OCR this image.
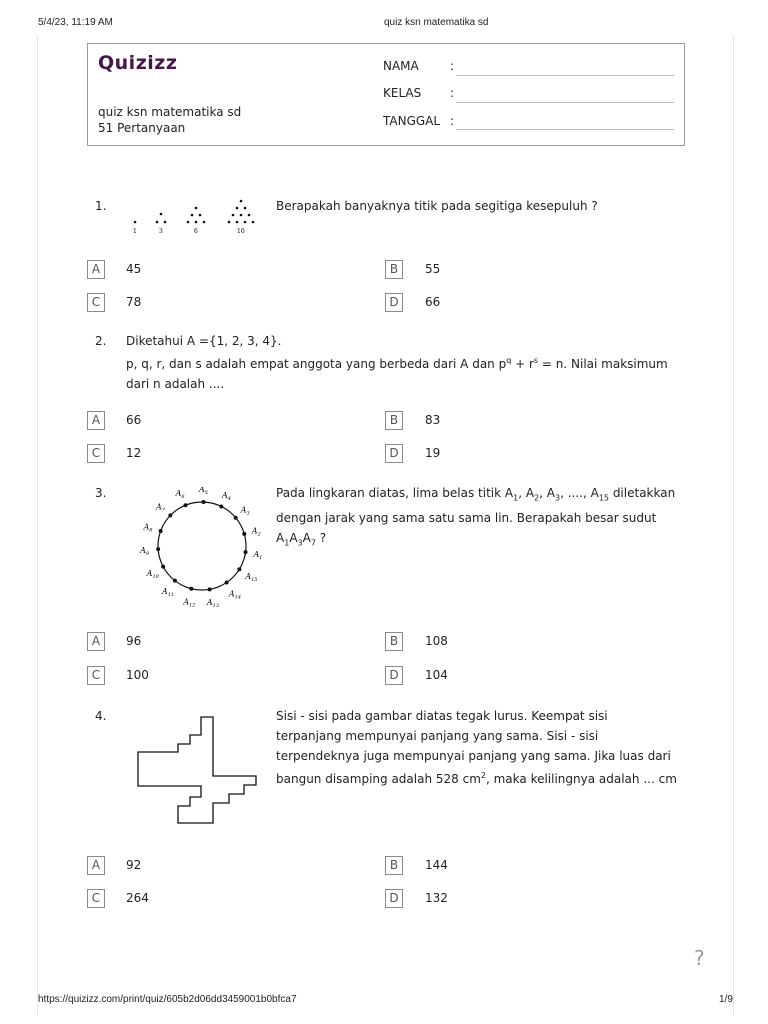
5/4/23, 11:19 AM	quiz ksn matematika sd
https://quizizz.com/print/quiz/605b2d06dd3459001b0bfca7	1/9
Quizizz
quiz ksn matematika sd
51 Pertanyaan
NAMA	:
KELAS :
TANGGAL :
1.
1	3	6	10
Berapakah banyaknya titik pada segitiga kesepuluh ?
A	45	B	55
C	78	D	66
2. Diketahui A ={1, 2, 3, 4}.
p, q, r, dan s adalah empat anggota yang berbeda dari A dan $p^q + r^s = n$. Nilai maksimum
dari n adalah ....
A	66	B	83
C	12	D	19
3.
$A_1$
$A_2$
$A_3$
$A_4$
$A_5$
$A_6$
$A_7$
$A_8$
$A_9$
$A_{10}$
$A_{11}$
$A_{12}$ $A_{13}$
$A_{14}$
$A_{15}$
Pada lingkaran diatas, lima belas titik $A_1$, $A_2$, $A_3$, ...., $A_{15}$ diletakkan
dengan jarak yang sama satu sama lin. Berapakah besar sudut
$A_1A_3A_7$ ?
A	96	B	108
C	100	D	104
4.	Sisi - sisi pada gambar diatas tegak lurus. Keempat sisi
terpanjang mempunyai panjang yang sama. Sisi - sisi
terpendeknya juga mempunyai panjang yang sama. Jika luas dari
bangun disamping adalah 528 $cm^2$, maka kelilingnya adalah ... cm
A	92	B	144
C	264	D	132
?
